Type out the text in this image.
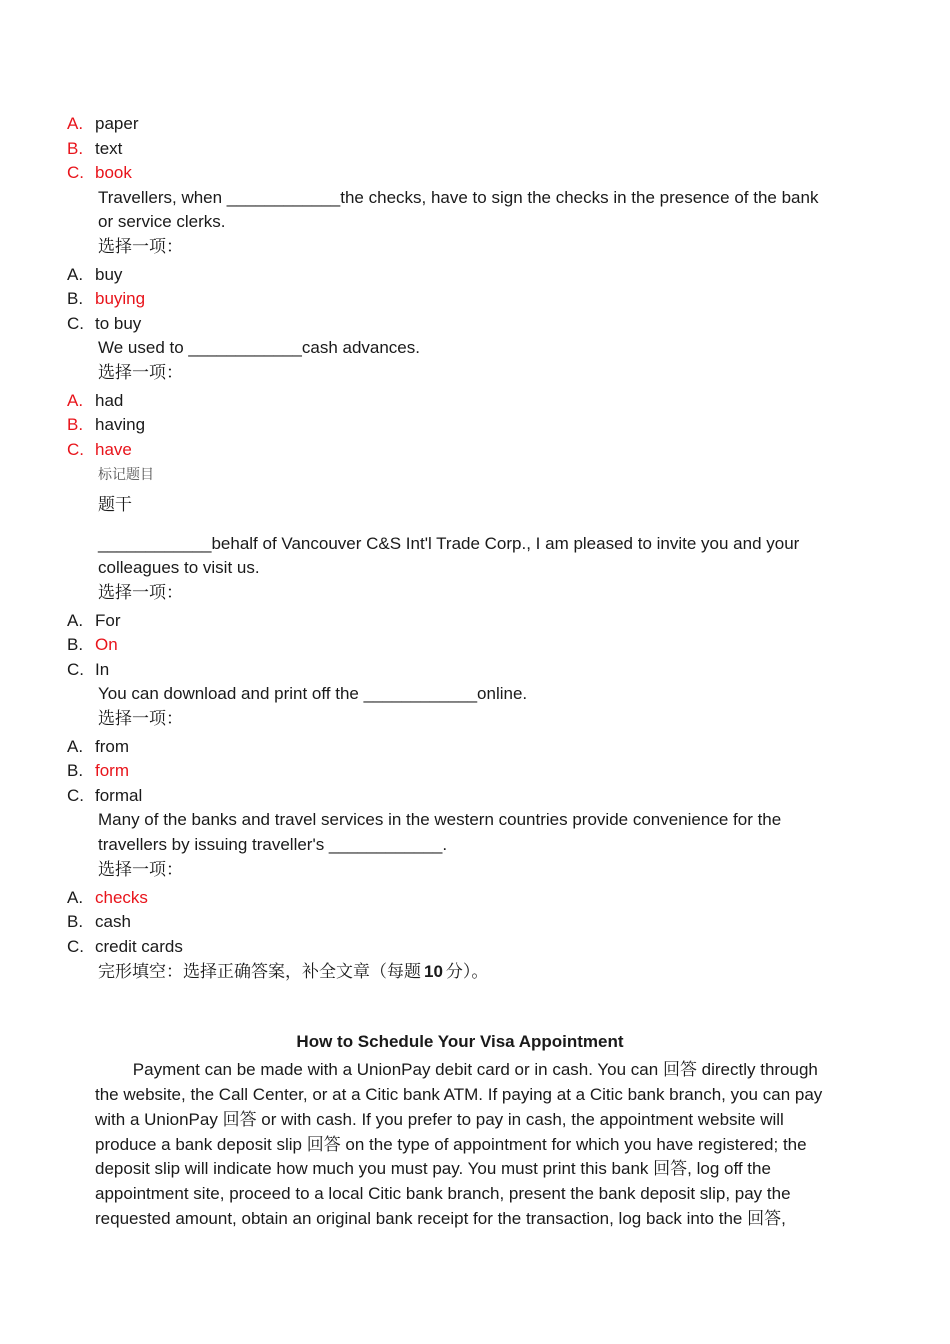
A. paper
B. text
C. book
Travellers, when ____________the checks, have to sign the checks in the presence of the bank
or service clerks.
选择一项：
A. buy
B. buying
C. to buy
We used to ____________cash advances.
选择一项：
A. had
B. having
C. have
标记题目
题干
____________behalf of Vancouver C&S Int'l Trade Corp., I am pleased to invite you and your
colleagues to visit us.
选择一项：
A. For
B. On
C. In
You can download and print off the ____________online.
选择一项：
A. from
B. form
C. formal
Many of the banks and travel services in the western countries provide convenience for the
travellers by issuing traveller's ____________.
选择一项：
A. checks
B. cash
C. credit cards
完形填空：选择正确答案，补全文章（每题 10 分）。
How to Schedule Your Visa Appointment
Payment can be made with a UnionPay debit card or in cash. You can 回答 directly through
the website, the Call Center, or at a Citic bank ATM. If paying at a Citic bank branch, you can pay
with a UnionPay 回答 or with cash. If you prefer to pay in cash, the appointment website will
produce a bank deposit slip 回答 on the type of appointment for which you have registered; the
deposit slip will indicate how much you must pay. You must print this bank 回答, log off the
appointment site, proceed to a local Citic bank branch, present the bank deposit slip, pay the
requested amount, obtain an original bank receipt for the transaction, log back into the 回答,
